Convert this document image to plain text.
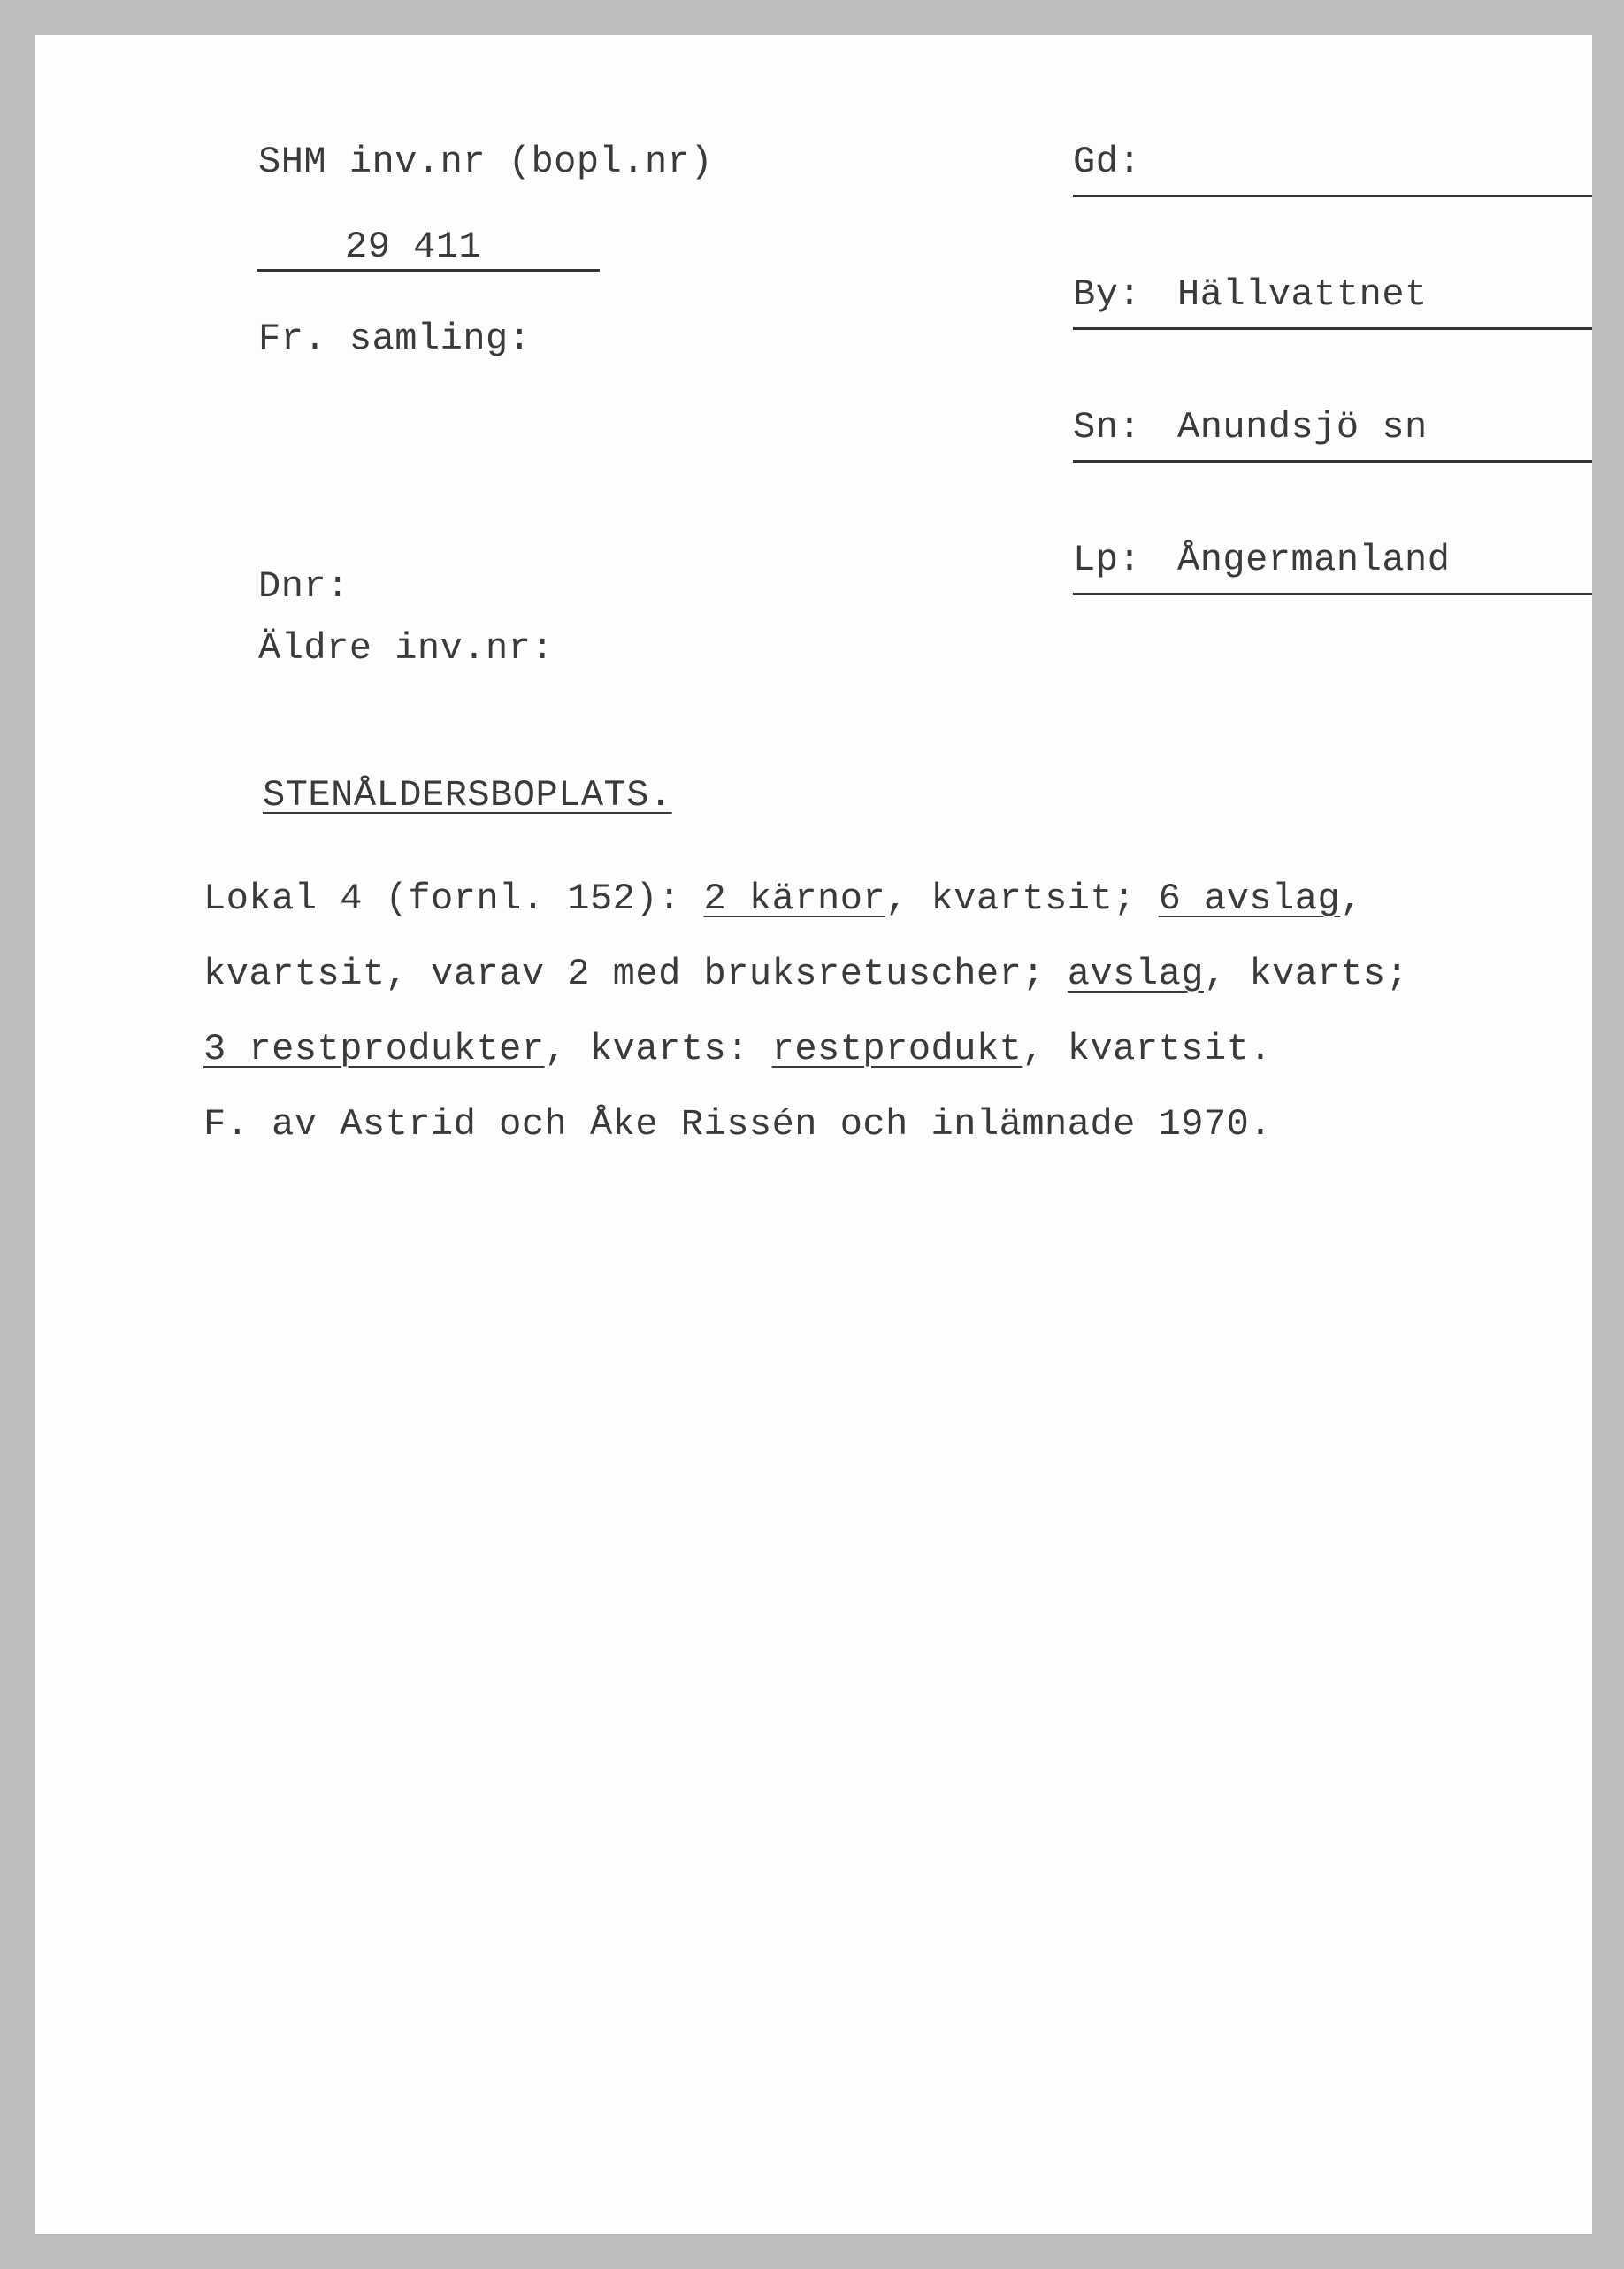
SHM inv.nr (bopl.nr)
29 411
Fr. samling:
Dnr:
Äldre inv.nr:
Gd:
By: Hällvattnet
Sn: Anundsjö sn
Lp: Ångermanland
STENÅLDERSBOPLATS.
Lokal 4 (fornl. 152): 2 kärnor, kvartsit; 6 avslag,
kvartsit, varav 2 med bruksretuscher; avslag, kvarts;
3 restprodukter, kvarts: restprodukt, kvartsit.
F. av Astrid och Åke Rissén och inlämnade 1970.
